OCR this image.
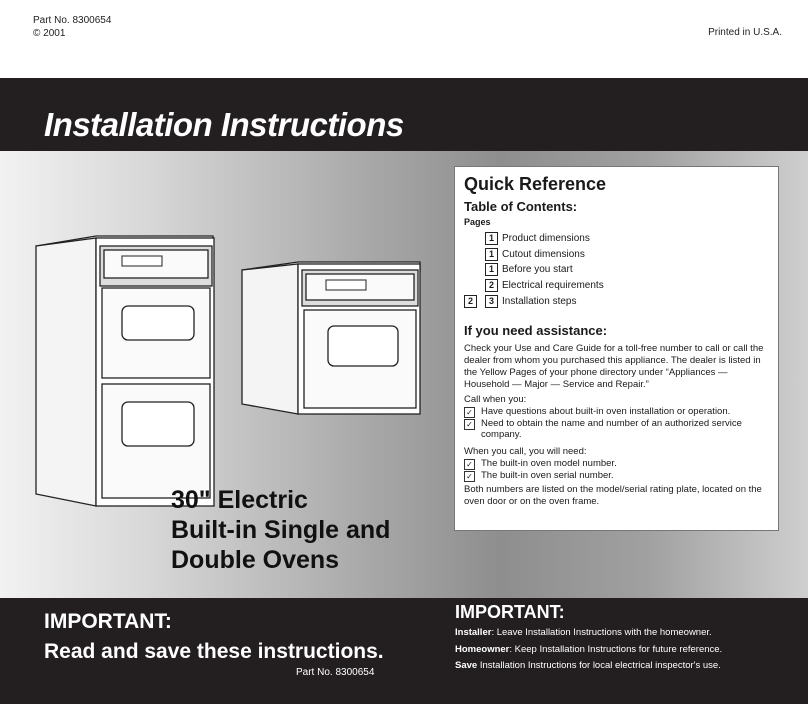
Part No. 8300654
© 2001	Printed in U.S.A.
Installation Instructions
30" Electric
Built-in Single and
Double Ovens
Quick Reference
Table of Contents:
Pages
1 Product dimensions
1 Cutout dimensions
1 Before you start
2 Electrical requirements
2	3 Installation steps
If you need assistance:

Check your Use and Care Guide for a toll-free number to call or call the dealer from whom you purchased this appliance. The dealer is listed in the Yellow Pages of your phone directory under “Appliances — Household — Major — Service and Repair.”

Call when you:

✓ Have questions about built-in oven installation or operation.
✓ Need to obtain the name and number of an authorized service company.

When you call, you will need:

✓ The built-in oven model number.
✓ The built-in oven serial number.

Both numbers are listed on the model/serial rating plate, located on the oven door or on the oven frame.

IMPORTANT:
Read and save these instructions.
Part No. 8300654
IMPORTANT:
Installer: Leave Installation Instructions with the homeowner.
Homeowner: Keep Installation Instructions for future reference.
Save Installation Instructions for local electrical inspector's use.
